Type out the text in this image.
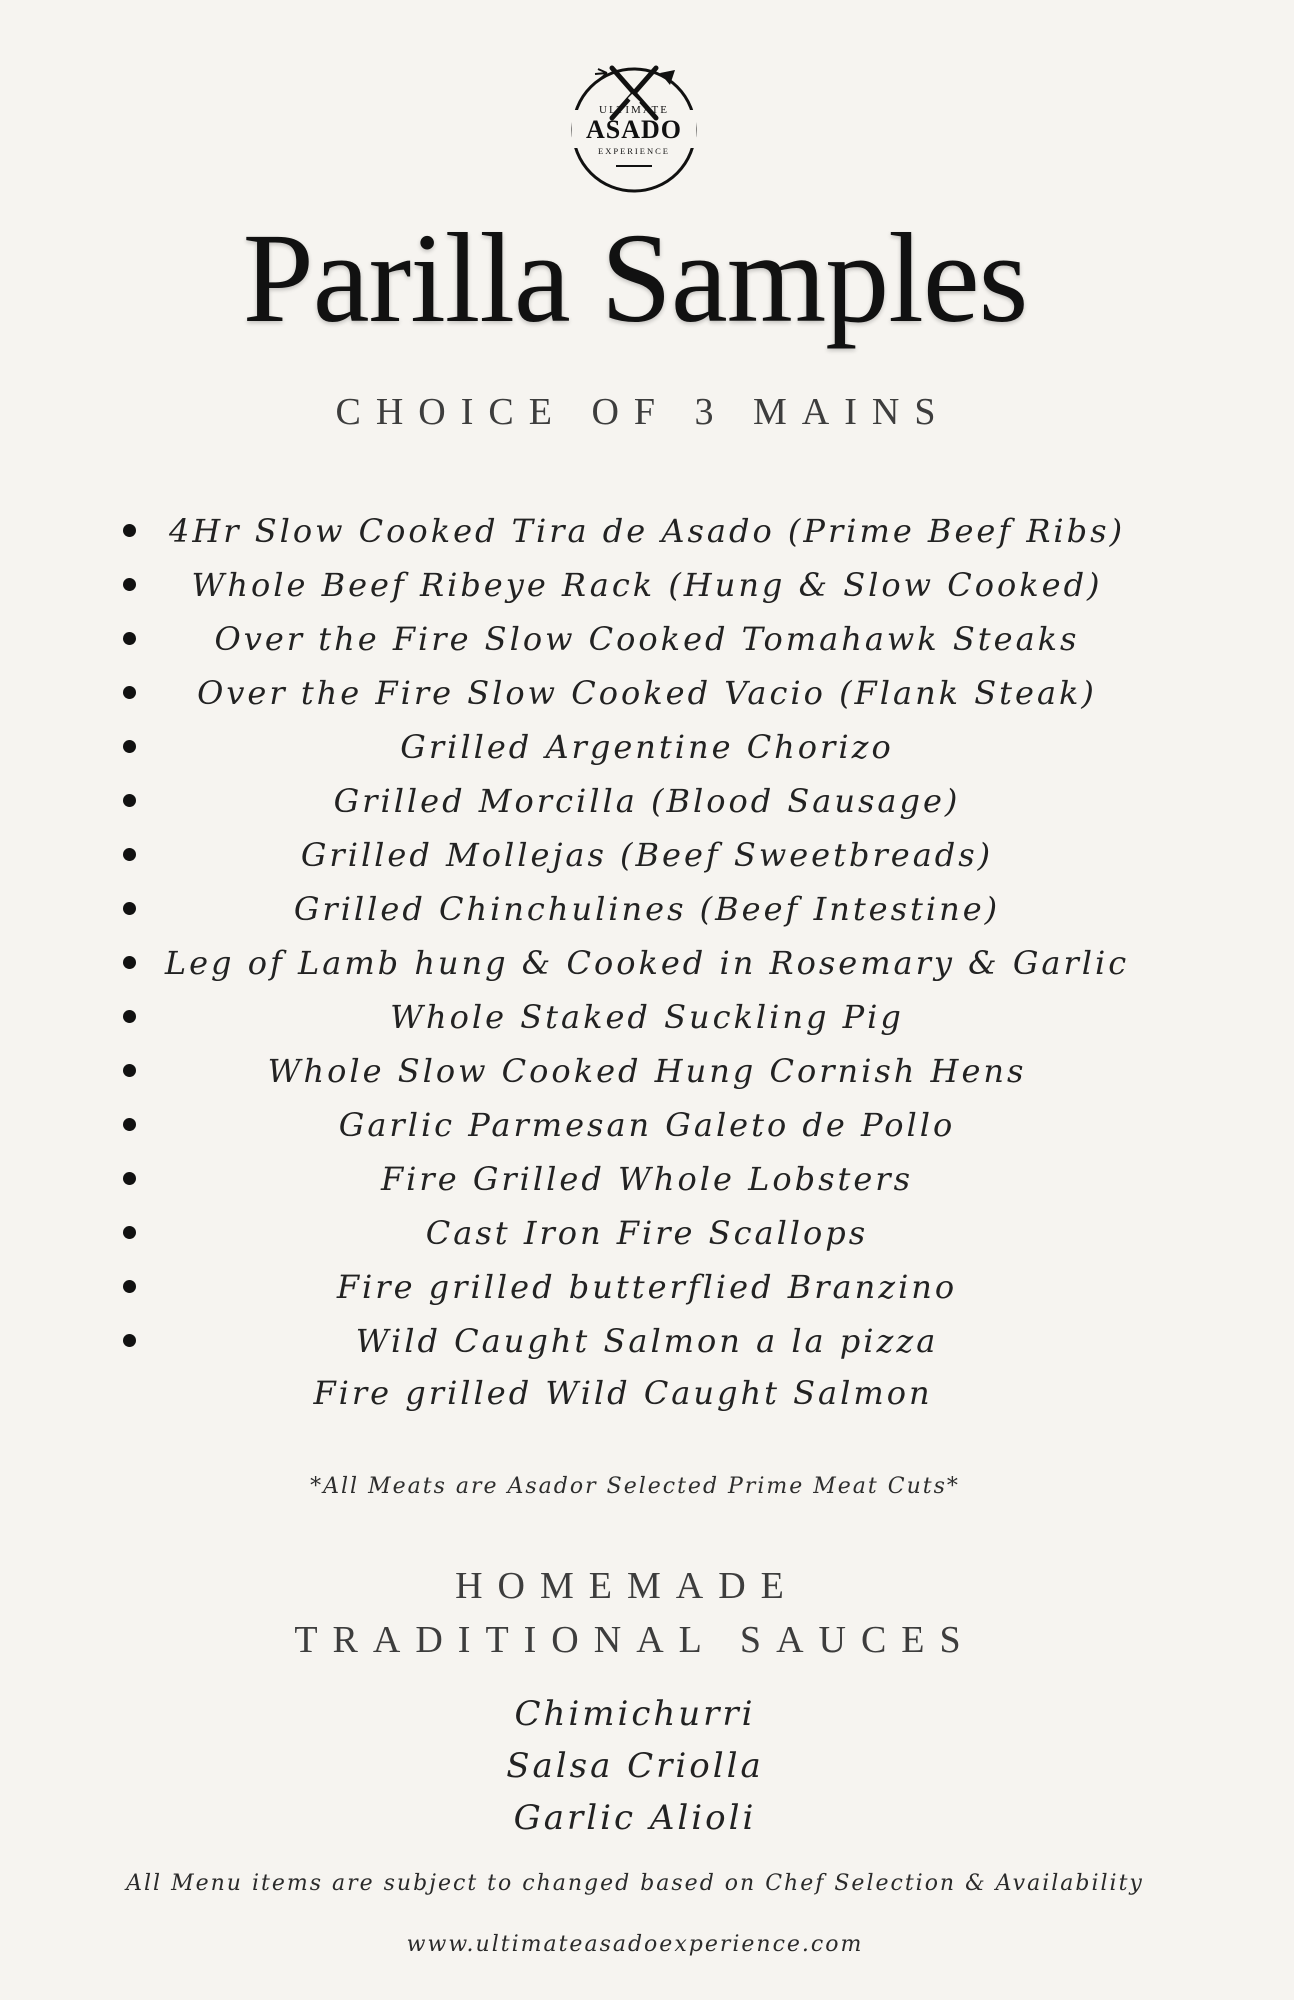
ULTIMATE
ASADO
EXPERIENCE
Parilla Samples
CHOICE OF 3 MAINS
4Hr Slow Cooked Tira de Asado (Prime Beef Ribs)
Whole Beef Ribeye Rack (Hung & Slow Cooked)
Over the Fire Slow Cooked Tomahawk Steaks
Over the Fire Slow Cooked Vacio (Flank Steak)
Grilled Argentine Chorizo
Grilled Morcilla (Blood Sausage)
Grilled Mollejas (Beef Sweetbreads)
Grilled Chinchulines (Beef Intestine)
Leg of Lamb hung & Cooked in Rosemary & Garlic
Whole Staked Suckling Pig
Whole Slow Cooked Hung Cornish Hens
Garlic Parmesan Galeto de Pollo
Fire Grilled Whole Lobsters
Cast Iron Fire Scallops
Fire grilled butterflied Branzino
Wild Caught Salmon a la pizza
Fire grilled Wild Caught Salmon
*All Meats are Asador Selected Prime Meat Cuts*
HOMEMADE
TRADITIONAL SAUCES
Chimichurri
Salsa Criolla
Garlic Alioli
All Menu items are subject to changed based on Chef Selection & Availability
www.ultimateasadoexperience.com
